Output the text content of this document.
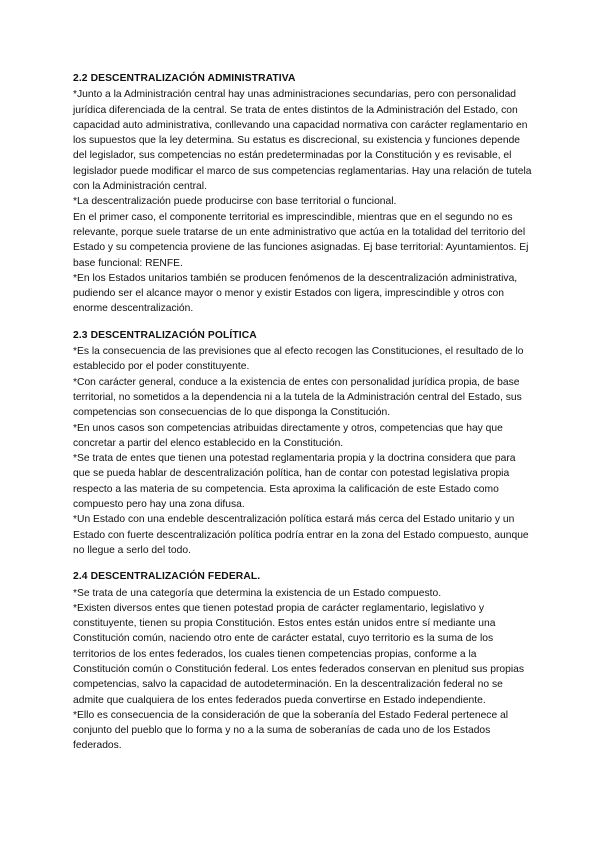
2.2 DESCENTRALIZACIÓN ADMINISTRATIVA

*Junto a la Administración central hay unas administraciones secundarias, pero con personalidad jurídica diferenciada de la central. Se trata de entes distintos de la Administración del Estado, con capacidad auto administrativa, conllevando una capacidad normativa con carácter reglamentario en los supuestos que la ley determina. Su estatus es discrecional, su existencia y funciones depende del legislador, sus competencias no están predeterminadas por la Constitución y es revisable, el legislador puede modificar el marco de sus competencias reglamentarias. Hay una relación de tutela con la Administración central.

*La descentralización puede producirse con base territorial o funcional.

En el primer caso, el componente territorial es imprescindible, mientras que en el segundo no es relevante, porque suele tratarse de un ente administrativo que actúa en la totalidad del territorio del Estado y su competencia proviene de las funciones asignadas. Ej base territorial: Ayuntamientos. Ej base funcional: RENFE.

*En los Estados unitarios también se producen fenómenos de la descentralización administrativa, pudiendo ser el alcance mayor o menor y existir Estados con ligera, imprescindible y otros con enorme descentralización.

2.3 DESCENTRALIZACIÓN POLÍTICA

*Es la consecuencia de las previsiones que al efecto recogen las Constituciones, el resultado de lo establecido por el poder constituyente.

*Con carácter general, conduce a la existencia de entes con personalidad jurídica propia, de base territorial, no sometidos a la dependencia ni a la tutela de la Administración central del Estado, sus competencias son consecuencias de lo que disponga la Constitución.

*En unos casos son competencias atribuidas directamente y otros, competencias que hay que concretar a partir del elenco establecido en la Constitución.

*Se trata de entes que tienen una potestad reglamentaria propia y la doctrina considera que para que se pueda hablar de descentralización política, han de contar con potestad legislativa propia respecto a las materia de su competencia. Esta aproxima la calificación de este Estado como compuesto pero hay una zona difusa.

*Un Estado con una endeble descentralización política estará más cerca del Estado unitario y un Estado con fuerte descentralización política podría entrar en la zona del Estado compuesto, aunque no llegue a serlo del todo.

2.4 DESCENTRALIZACIÓN FEDERAL.

*Se trata de una categoría que determina la existencia de un Estado compuesto.

*Existen diversos entes que tienen potestad propia de carácter reglamentario, legislativo y constituyente, tienen su propia Constitución. Estos entes están unidos entre sí mediante una Constitución común, naciendo otro ente de carácter estatal, cuyo territorio es la suma de los territorios de los entes federados, los cuales tienen competencias propias, conforme a la Constitución común o Constitución federal. Los entes federados conservan en plenitud sus propias competencias, salvo la capacidad de autodeterminación. En la descentralización federal no se admite que cualquiera de los entes federados pueda convertirse en Estado independiente.

*Ello es consecuencia de la consideración de que la soberanía del Estado Federal pertenece al conjunto del pueblo que lo forma y no a la suma de soberanías de cada uno de los Estados federados.
